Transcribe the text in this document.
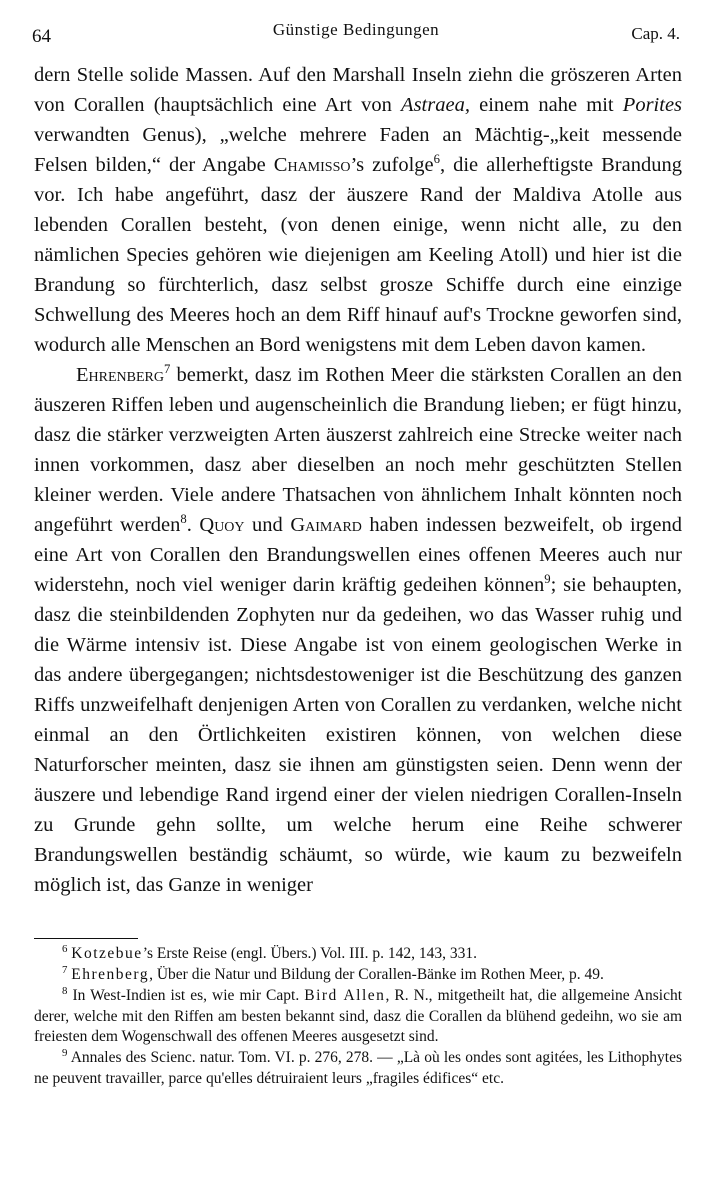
64	Günstige Bedingungen	Cap. 4.

dern Stelle solide Massen. Auf den Marshall Inseln ziehn die gröszeren Arten von Corallen (hauptsächlich eine Art von Astraea, einem nahe mit Porites verwandten Genus), „welche mehrere Faden an Mächtig-„keit messende Felsen bilden,“ der Angabe Chamisso’s zufolge$^6$, die allerheftigste Brandung vor. Ich habe angeführt, dasz der äuszere Rand der Maldiva Atolle aus lebenden Corallen besteht, (von denen einige, wenn nicht alle, zu den nämlichen Species gehören wie diejenigen am Keeling Atoll) und hier ist die Brandung so fürchterlich, dasz selbst grosze Schiffe durch eine einzige Schwellung des Meeres hoch an dem Riff hinauf auf's Trockne geworfen sind, wodurch alle Menschen an Bord wenigstens mit dem Leben davon kamen.

Ehrenberg$^7$ bemerkt, dasz im Rothen Meer die stärksten Corallen an den äuszeren Riffen leben und augenscheinlich die Brandung lieben; er fügt hinzu, dasz die stärker verzweigten Arten äuszerst zahlreich eine Strecke weiter nach innen vorkommen, dasz aber dieselben an noch mehr geschützten Stellen kleiner werden. Viele andere Thatsachen von ähnlichem Inhalt könnten noch angeführt werden$^8$. Quoy und Gaimard haben indessen bezweifelt, ob irgend eine Art von Corallen den Brandungswellen eines offenen Meeres auch nur widerstehn, noch viel weniger darin kräftig gedeihen können$^9$; sie behaupten, dasz die steinbildenden Zophyten nur da gedeihen, wo das Wasser ruhig und die Wärme intensiv ist. Diese Angabe ist von einem geologischen Werke in das andere übergegangen; nichtsdestoweniger ist die Beschützung des ganzen Riffs unzweifelhaft denjenigen Arten von Corallen zu verdanken, welche nicht einmal an den Örtlichkeiten existiren können, von welchen diese Naturforscher meinten, dasz sie ihnen am günstigsten seien. Denn wenn der äuszere und lebendige Rand irgend einer der vielen niedrigen Corallen-Inseln zu Grunde gehn sollte, um welche herum eine Reihe schwerer Brandungswellen beständig schäumt, so würde, wie kaum zu bezweifeln möglich ist, das Ganze in weniger

$^6$ Kotzebue’s Erste Reise (engl. Übers.) Vol. III. p. 142, 143, 331.

$^7$ Ehrenberg, Über die Natur und Bildung der Corallen-Bänke im Rothen Meer, p. 49.

$^8$ In West-Indien ist es, wie mir Capt. Bird Allen, R. N., mitgetheilt hat, die allgemeine Ansicht derer, welche mit den Riffen am besten bekannt sind, dasz die Corallen da blühend gedeihn, wo sie am freiesten dem Wogenschwall des offenen Meeres ausgesetzt sind.

$^9$ Annales des Scienc. natur. Tom. VI. p. 276, 278. — „Là où les ondes sont agitées, les Lithophytes ne peuvent travailler, parce qu'elles détruiraient leurs „fragiles édifices“ etc.
